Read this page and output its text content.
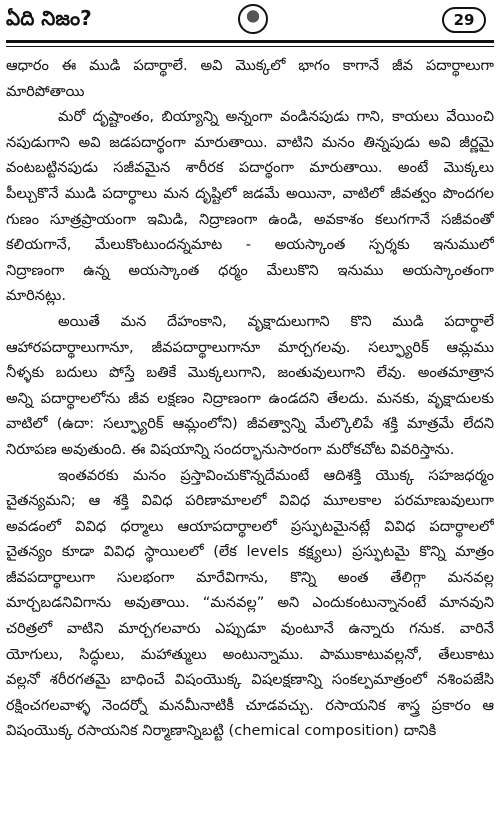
ఏది నిజం?	29
ఆధారం ఈ ముడి పదార్థాలే. అవి మొక్కలో భాగం కాగానే జీవ పదార్థాలుగా
మారిపోతాయి
మరో దృష్టాంతం, బియ్యాన్ని అన్నంగా వండినపుడు గాని, కాయలు వేయించి
నపుడుగాని అవి జడపదార్థంగా మారుతాయి. వాటిని మనం తిన్నపుడు అవి జీర్ణమై
వంటబట్టినపుడు సజీవమైన శారీరక పదార్థంగా మారుతాయి. అంటే మొక్కలు
పీల్చుకొనే ముడి పదార్థాలు మన దృష్టిలో జడమే అయినా, వాటిలో జీవత్వం పొందగల
గుణం సూత్రప్రాయంగా ఇమిడి, నిద్రాణంగా ఉండి, అవకాశం కలుగగానే సజీవంతో
కలియగానే, మేలుకొంటుందన్నమాట - అయస్కాంత స్పర్శకు ఇనుములో
నిద్రాణంగా ఉన్న అయస్కాంత ధర్మం మేలుకొని ఇనుము అయస్కాంతంగా
మారినట్లు.
అయితే మన దేహంకాని, వృక్షాదులుగాని కొని ముడి పదార్థాలే
ఆహారపదార్థాలుగానూ, జీవపదార్థాలుగానూ మార్చగలవు. సల్ఫ్యూరిక్ ఆమ్లము
నీళ్ళకు బదులు పోస్తే బతికే మొక్కలుగాని, జంతువులుగాని లేవు. అంతమాత్రాన
అన్ని పదార్థాలలోను జీవ లక్షణం నిద్రాణంగా ఉండదని తేలదు. మనకు, వృక్షాదులకు
వాటిలో (ఉదా: సల్ఫ్యూరిక్ ఆమ్లంలోని) జీవత్వాన్ని మేల్కొలిపే శక్తి మాత్రమే లేదని
నిరూపణ అవుతుంది. ఈ విషయాన్ని సందర్భానుసారంగా మరోకచోట వివరిస్తాను.
ఇంతవరకు మనం ప్రస్తావించుకొన్నదేమంటే ఆదిశక్తి యొక్క సహజధర్మం
చైతన్యమని; ఆ శక్తి వివిధ పరిణామాలలో వివిధ మూలకాల పరమాణువులుగా
అవడంలో వివిధ ధర్మాలు ఆయాపదార్థాలలో ప్రస్ఫుటమైనట్లే వివిధ పదార్థాలలో
చైతన్యం కూడా వివిధ స్థాయిలలో (లేక levels కక్ష్యలు) ప్రస్ఫుటమై కొన్ని మాత్రం
జీవపదార్థాలుగా సులభంగా మారేవిగాను, కొన్ని అంత తేలిగ్గా మనవల్ల
మార్చబడనివిగాను అవుతాయి. “మనవల్ల” అని ఎందుకంటున్నానంటే మానవుని
చరిత్రలో వాటిని మార్చగలవారు ఎప్పుడూ వుంటూనే ఉన్నారు గనుక. వారినే
యోగులు, సిద్ధులు, మహాత్ములు అంటున్నాము. పాముకాటువల్లనో, తేలుకాటు
వల్లనో శరీరగతమై బాధించే విషంయొక్క విషలక్షణాన్ని సంకల్పమాత్రంలో నశింపజేసి
రక్షించగలవాళ్ళ నెందర్నో మనమీనాటికీ చూడవచ్చు. రసాయనిక శాస్త్ర ప్రకారం ఆ
విషంయొక్క రసాయనిక నిర్మాణాన్నిబట్టి (chemical composition) దానికి
